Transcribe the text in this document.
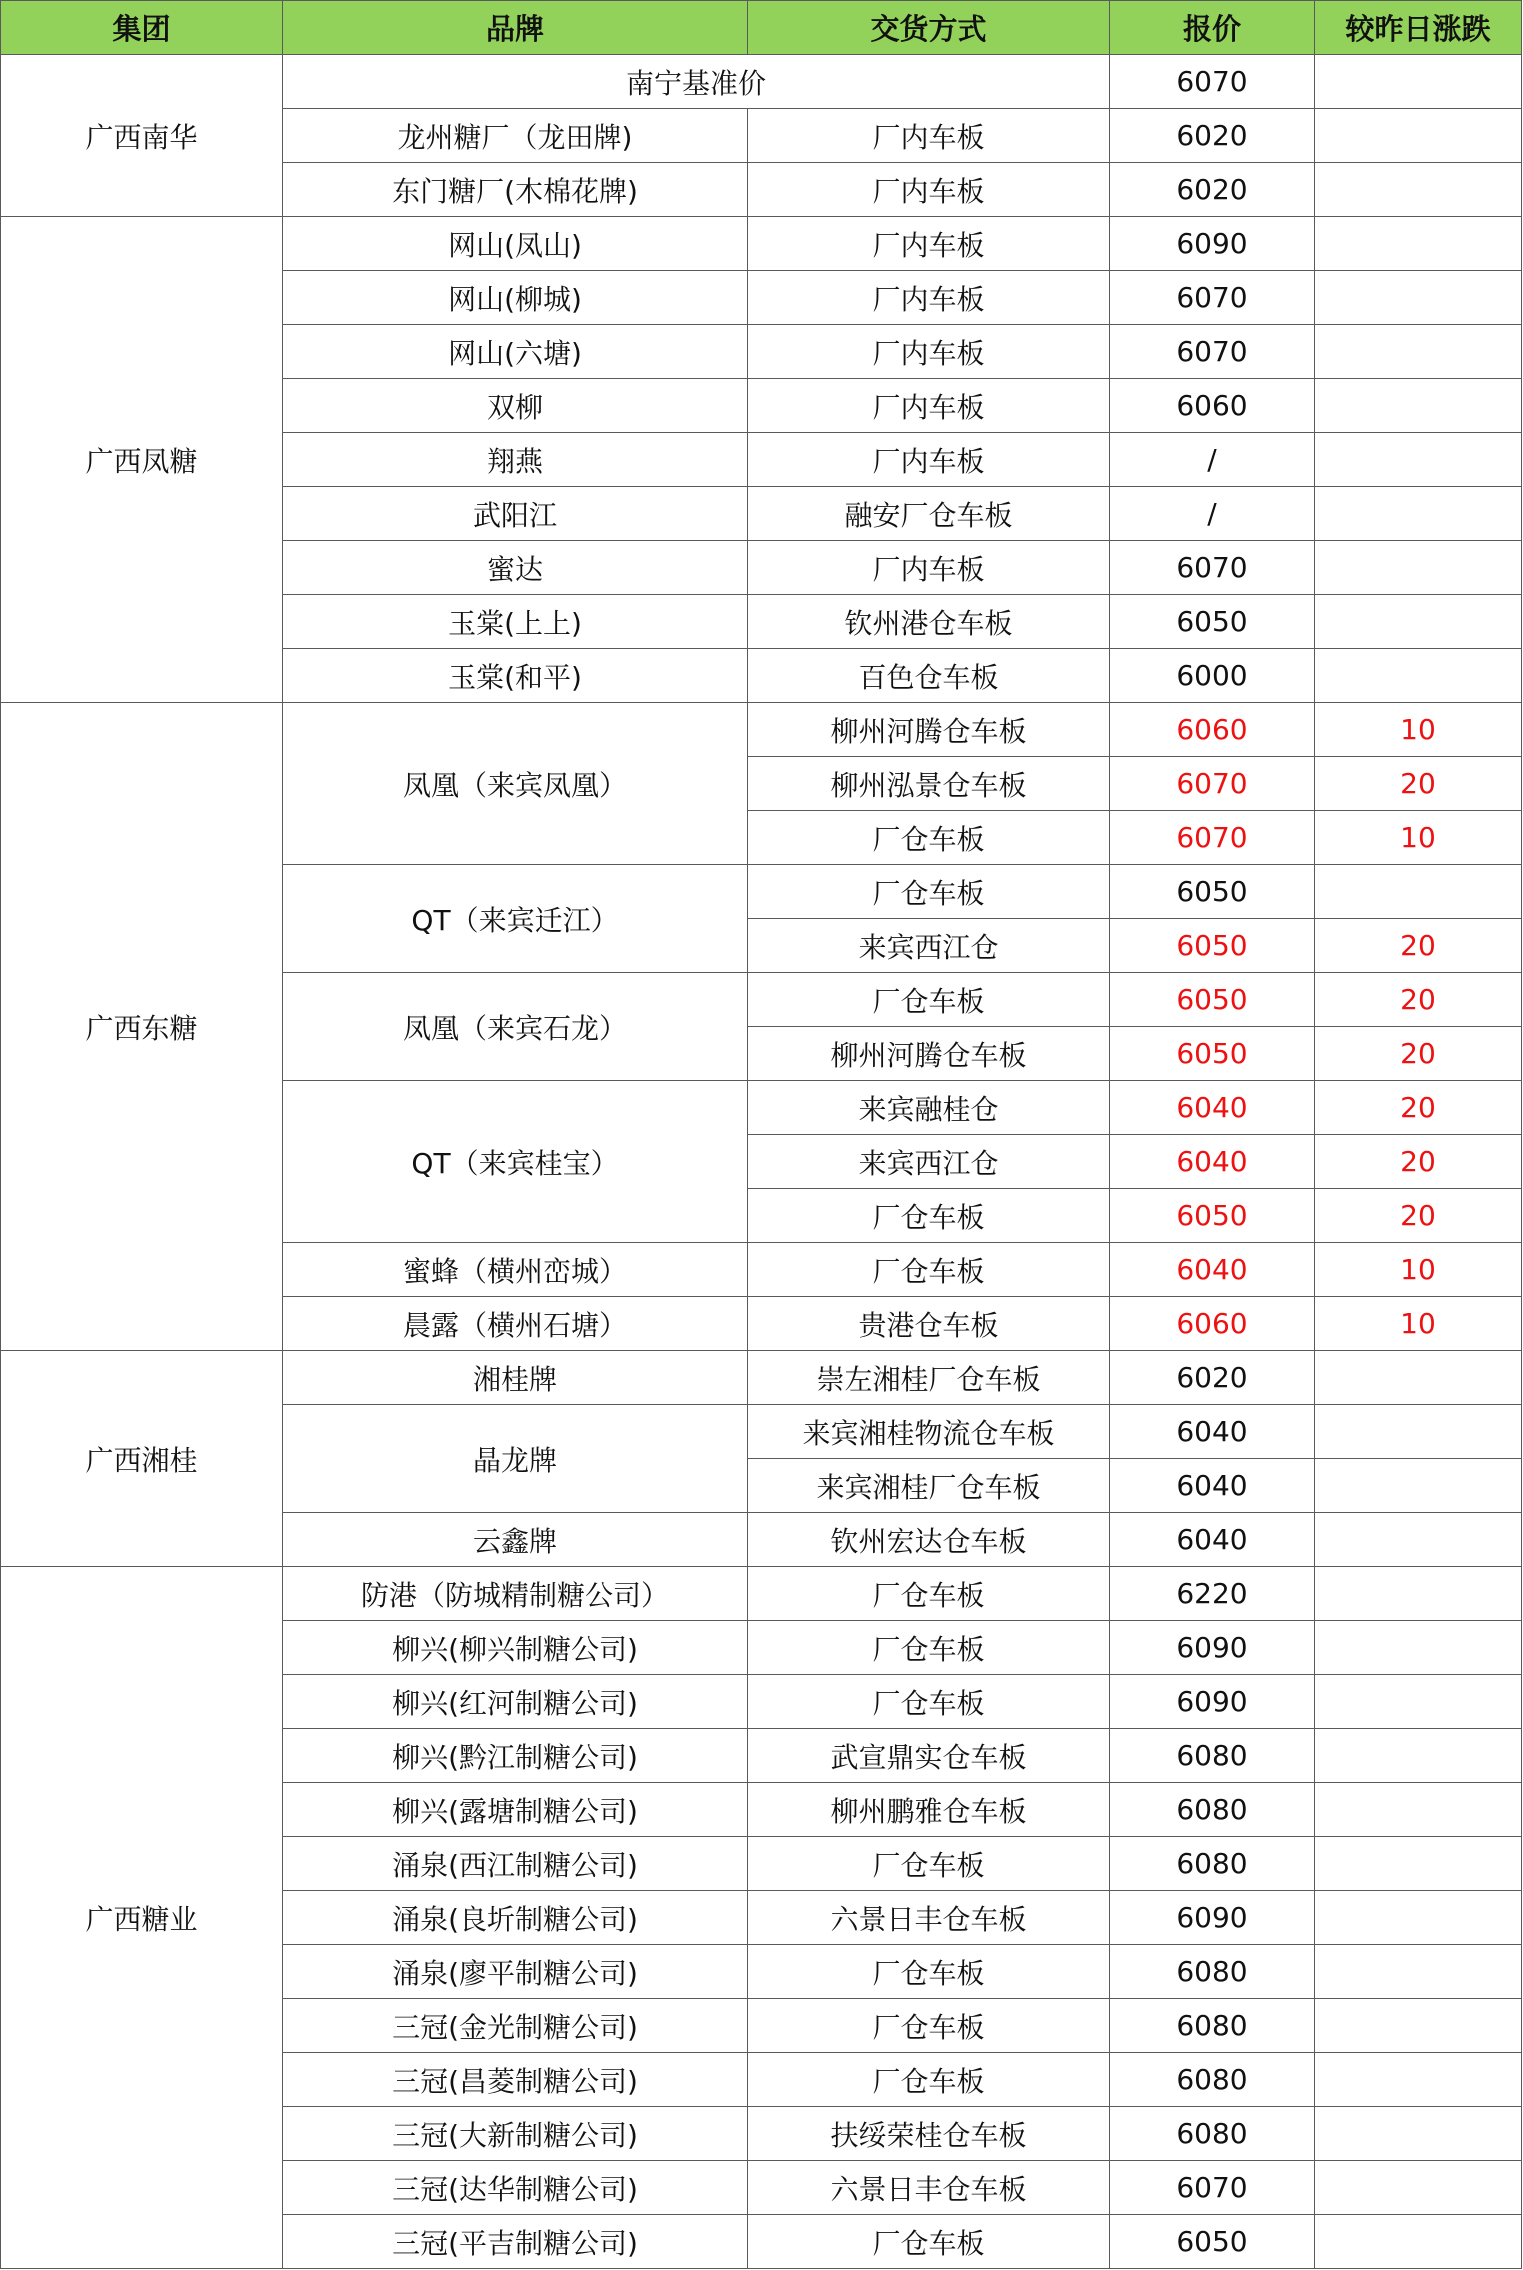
集团	品牌	交货方式	报价	较昨日涨跌
广西南华	南宁基准价		6070	
	龙州糖厂（龙田牌)	厂内车板	6020	
	东门糖厂(木棉花牌)	厂内车板	6020	
广西凤糖	网山(凤山)	厂内车板	6090	
	网山(柳城)	厂内车板	6070	
	网山(六塘)	厂内车板	6070	
	双柳	厂内车板	6060	
	翔燕	厂内车板	/	
	武阳江	融安厂仓车板	/	
	蜜达	厂内车板	6070	
	玉棠(上上)	钦州港仓车板	6050	
	玉棠(和平)	百色仓车板	6000	
广西东糖	凤凰（来宾凤凰）	柳州河腾仓车板	6060	10
		柳州泓景仓车板	6070	20
		厂仓车板	6070	10
	QT（来宾迁江）	厂仓车板	6050	
		来宾西江仓	6050	20
	凤凰（来宾石龙）	厂仓车板	6050	20
		柳州河腾仓车板	6050	20
	QT（来宾桂宝）	来宾融桂仓	6040	20
		来宾西江仓	6040	20
		厂仓车板	6050	20
	蜜蜂（横州峦城）	厂仓车板	6040	10
	晨露（横州石塘）	贵港仓车板	6060	10
广西湘桂	湘桂牌	崇左湘桂厂仓车板	6020	
	晶龙牌	来宾湘桂物流仓车板	6040	
		来宾湘桂厂仓车板	6040	
	云鑫牌	钦州宏达仓车板	6040	
广西糖业	防港（防城精制糖公司）	厂仓车板	6220	
	柳兴(柳兴制糖公司)	厂仓车板	6090	
	柳兴(红河制糖公司)	厂仓车板	6090	
	柳兴(黔江制糖公司)	武宣鼎实仓车板	6080	
	柳兴(露塘制糖公司)	柳州鹏雅仓车板	6080	
	涌泉(西江制糖公司)	厂仓车板	6080	
	涌泉(良圻制糖公司)	六景日丰仓车板	6090	
	涌泉(廖平制糖公司)	厂仓车板	6080	
	三冠(金光制糖公司)	厂仓车板	6080	
	三冠(昌菱制糖公司)	厂仓车板	6080	
	三冠(大新制糖公司)	扶绥荣桂仓车板	6080	
	三冠(达华制糖公司)	六景日丰仓车板	6070	
	三冠(平吉制糖公司)	厂仓车板	6050	
